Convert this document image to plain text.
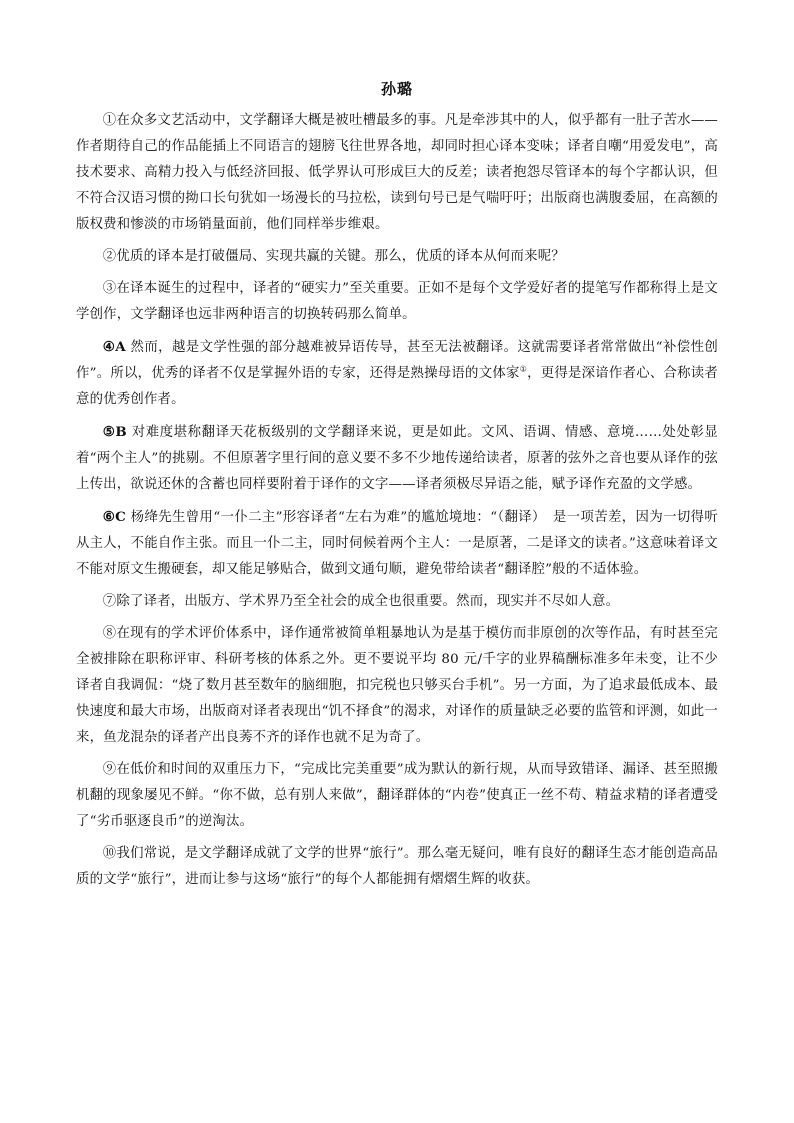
孙璐

①在众多文艺活动中，文学翻译大概是被吐槽最多的事。凡是牵涉其中的人，似乎都有一肚子苦水——作者期待自己的作品能插上不同语言的翅膀飞往世界各地，却同时担心译本变味；译者自嘲“用爱发电”，高技术要求、高精力投入与低经济回报、低学界认可形成巨大的反差；读者抱怨尽管译本的每个字都认识，但不符合汉语习惯的拗口长句犹如一场漫长的马拉松，读到句号已是气喘吁吁；出版商也满腹委屈，在高额的版权费和惨淡的市场销量面前，他们同样举步维艰。

②优质的译本是打破僵局、实现共赢的关键。那么，优质的译本从何而来呢？

③在译本诞生的过程中，译者的“硬实力”至关重要。正如不是每个文学爱好者的提笔写作都称得上是文学创作，文学翻译也远非两种语言的切换转码那么简单。

④A 然而，越是文学性强的部分越难被异语传导，甚至无法被翻译。这就需要译者常常做出“补偿性创作”。所以，优秀的译者不仅是掌握外语的专家，还得是熟操母语的文体家①，更得是深谙作者心、合称读者意的优秀创作者。

⑤B 对难度堪称翻译天花板级别的文学翻译来说，更是如此。文风、语调、情感、意境……处处彰显着“两个主人”的挑剔。不但原著字里行间的意义要不多不少地传递给读者，原著的弦外之音也要从译作的弦上传出，欲说还休的含蓄也同样要附着于译作的文字——译者须极尽异语之能，赋予译作充盈的文学感。

⑥C 杨绛先生曾用“一仆二主”形容译者“左右为难”的尴尬境地：“（翻译）　是一项苦差，因为一切得听从主人，不能自作主张。而且一仆二主，同时伺候着两个主人：一是原著，二是译文的读者。”这意味着译文不能对原文生搬硬套，却又能足够贴合，做到文通句顺，避免带给读者“翻译腔”般的不适体验。

⑦除了译者，出版方、学术界乃至全社会的成全也很重要。然而，现实并不尽如人意。

⑧在现有的学术评价体系中，译作通常被简单粗暴地认为是基于模仿而非原创的次等作品，有时甚至完全被排除在职称评审、科研考核的体系之外。更不要说平均 80 元/千字的业界稿酬标准多年未变，让不少译者自我调侃：“烧了数月甚至数年的脑细胞，扣完税也只够买台手机”。另一方面，为了追求最低成本、最快速度和最大市场，出版商对译者表现出“饥不择食”的渴求，对译作的质量缺乏必要的监管和评测，如此一来，鱼龙混杂的译者产出良莠不齐的译作也就不足为奇了。

⑨在低价和时间的双重压力下，“完成比完美重要”成为默认的新行规，从而导致错译、漏译、甚至照搬机翻的现象屡见不鲜。“你不做，总有别人来做”，翻译群体的“内卷”使真正一丝不苟、精益求精的译者遭受了“劣币驱逐良币”的逆淘汰。

⑩我们常说，是文学翻译成就了文学的世界“旅行”。那么毫无疑问，唯有良好的翻译生态才能创造高品质的文学“旅行”，进而让参与这场“旅行”的每个人都能拥有熠熠生辉的收获。
